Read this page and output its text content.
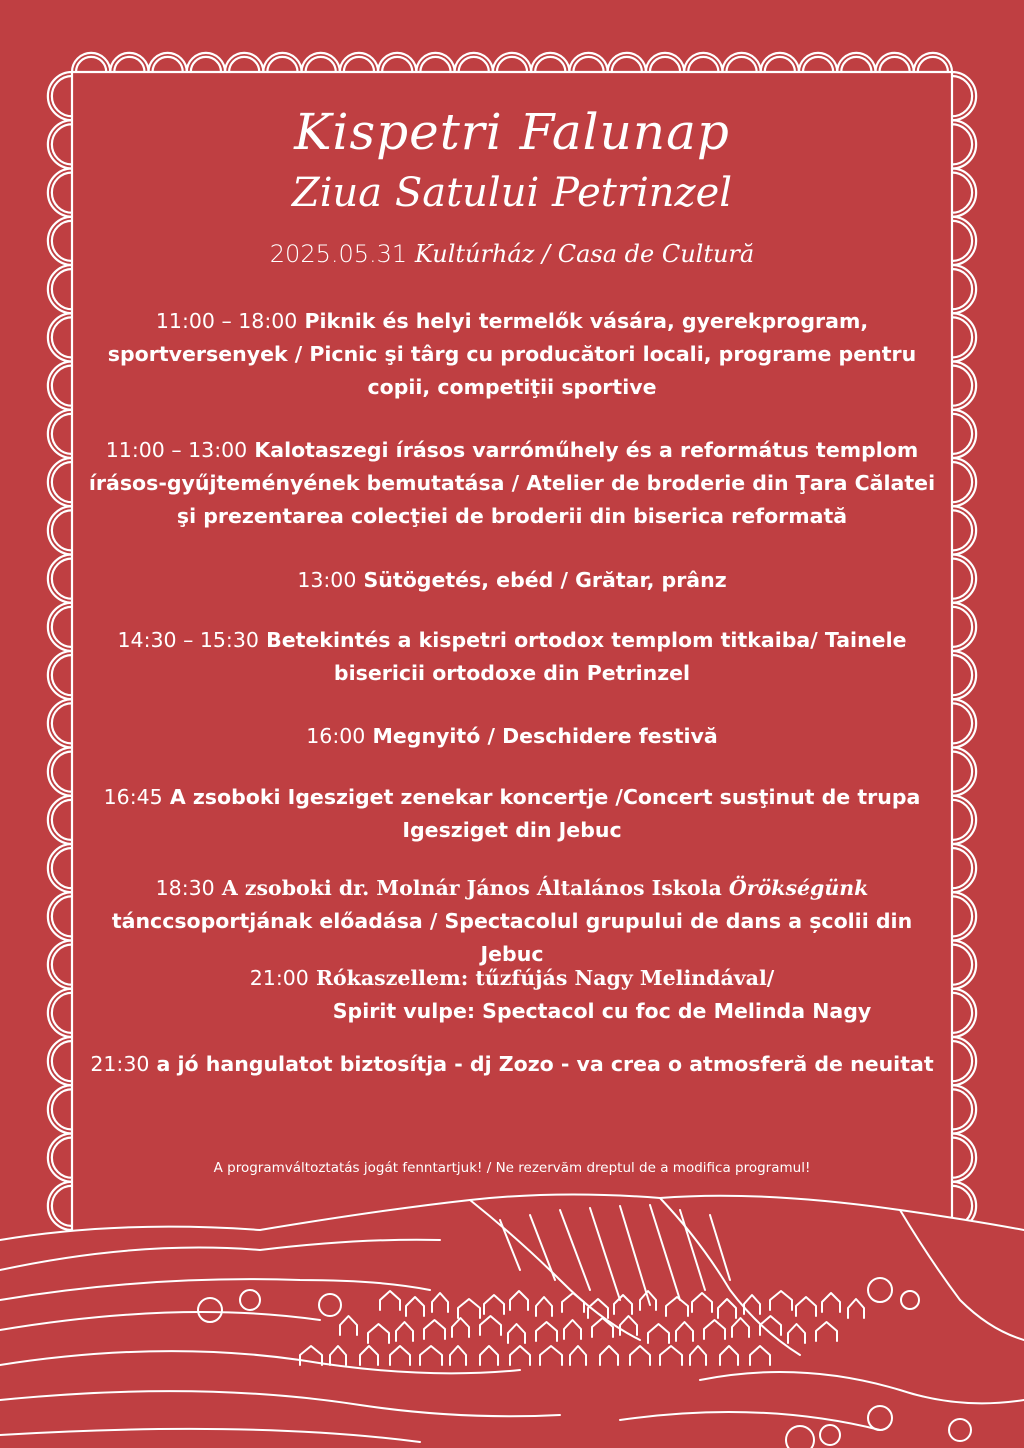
Kispetri Falunap
Ziua Satului Petrinzel
2025.05.31 Kultúrház / Casa de Cultură
11:00 – 18:00 Piknik és helyi termelők vására, gyerekprogram, sportversenyek / Picnic şi târg cu producători locali, programe pentru copii, competiţii sportive
11:00 – 13:00 Kalotaszegi írásos varróműhely és a református templom írásos-gyűjteményének bemutatása / Atelier de broderie din Ţara Călatei şi prezentarea colecţiei de broderii din biserica reformată
13:00 Sütögetés, ebéd / Grătar, prânz
14:30 – 15:30 Betekintés a kispetri ortodox templom titkaiba/ Tainele bisericii ortodoxe din Petrinzel
16:00 Megnyitó / Deschidere festivă
16:45 A zsoboki Igesziget zenekar koncertje /Concert susţinut de trupa Igesziget din Jebuc
18:30 A zsoboki dr. Molnár János Általános Iskola Örökségünk tánccsoportjának előadása / Spectacolul grupului de dans a școlii din Jebuc
21:00 Rókaszellem: tűzfújás Nagy Melindával/
Spirit vulpe: Spectacol cu foc de Melinda Nagy
21:30 a jó hangulatot biztosítja - dj Zozo - va crea o atmosferă de neuitat
A programváltoztatás jogát fenntartjuk! / Ne rezervăm dreptul de a modifica programul!
